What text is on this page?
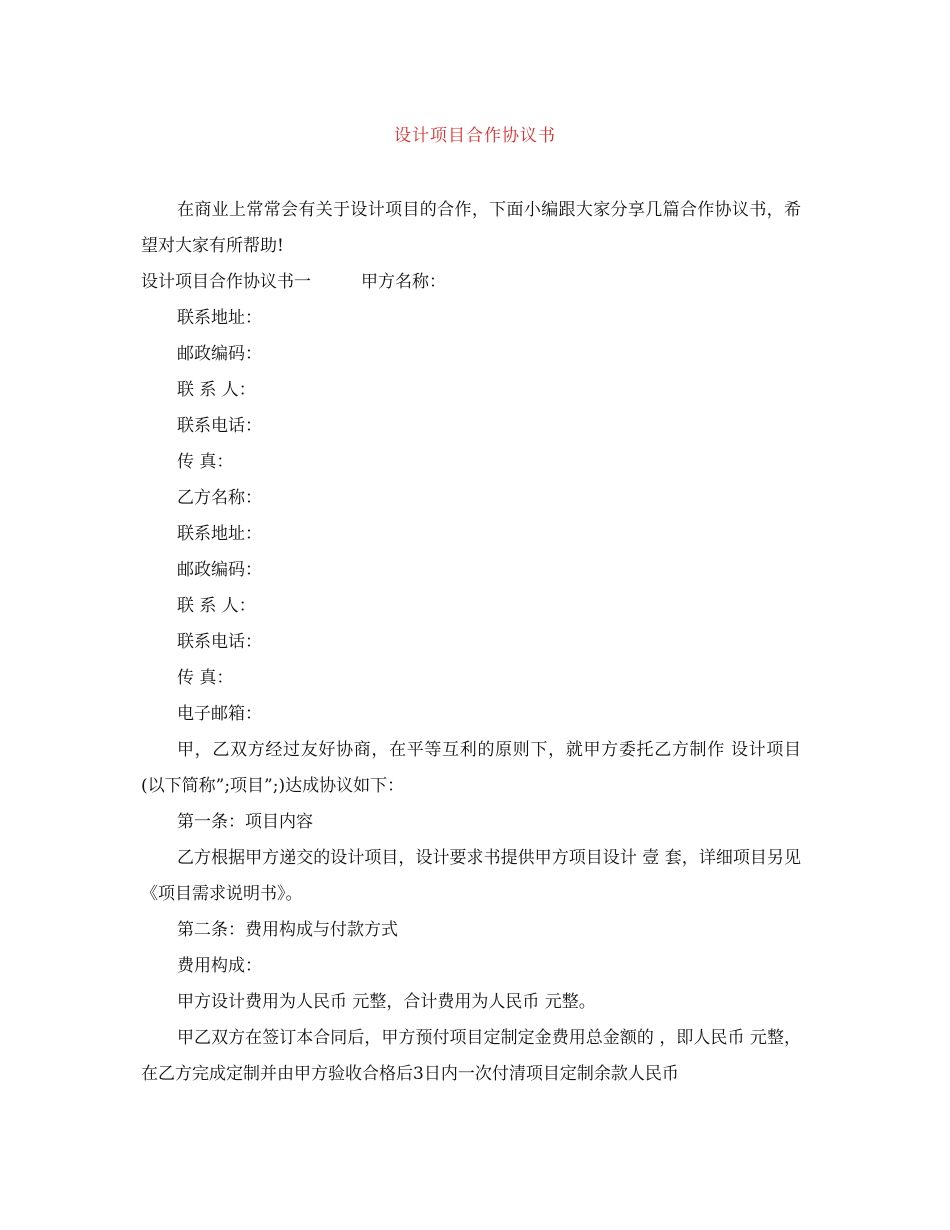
设计项目合作协议书

在商业上常常会有关于设计项目的合作，下面小编跟大家分享几篇合作协议书，希望对大家有所帮助!

设计项目合作协议书一	甲方名称：

联系地址：

邮政编码：

联 系 人：

联系电话：

传 真：

乙方名称：

联系地址：

邮政编码：

联 系 人：

联系电话：

传 真：

电子邮箱：

甲，乙双方经过友好协商，在平等互利的原则下，就甲方委托乙方制作 设计项目(以下简称”;项目”;)达成协议如下：

第一条：项目内容

乙方根据甲方递交的设计项目，设计要求书提供甲方项目设计 壹 套，详细项目另见《项目需求说明书》。

第二条：费用构成与付款方式

费用构成：

甲方设计费用为人民币 元整，合计费用为人民币 元整。

甲乙双方在签订本合同后，甲方预付项目定制定金费用总金额的 ，即人民币 元整，在乙方完成定制并由甲方验收合格后3日内一次付清项目定制余款人民币
